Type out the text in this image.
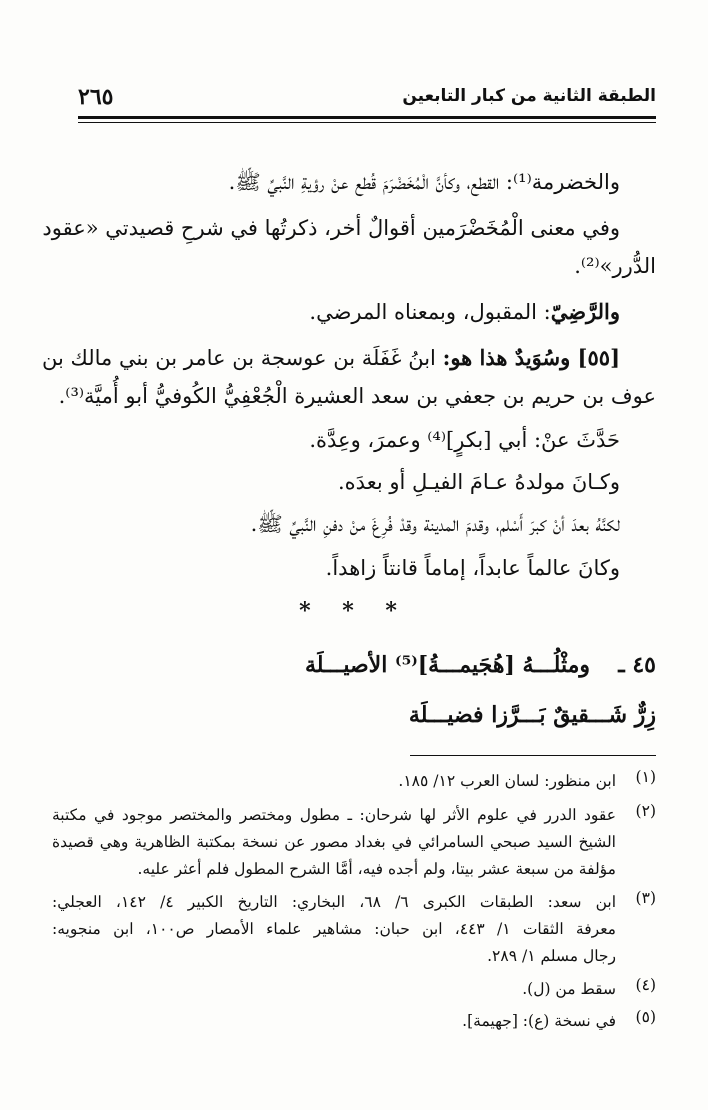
الطبقة الثانية من كبار التابعين
٢٦٥
والخضرمة⁽¹⁾: القطع، وكأنَّ الْمُخَضْرَمَ قُطع عنْ رؤيةِ النَّبيِّ ﷺ.
وفي معنى الْمُخَضْرَمين أقوالٌ أخر، ذكرتُها في شرحِ قصيدتي «عقود
الدُّرر»⁽²⁾.
والرَّضِيّ: المقبول، وبمعناه المرضي.
[٥٥] وسُوَيدٌ هذا هو: ابنُ غَفَلَة بن عوسجة بن عامر بن بني مالك بن
عوف بن حريم بن جعفي بن سعد العشيرة الْجُعْفِيُّ الكُوفيُّ أبو أُميَّة⁽³⁾.
حَدَّثَ عنْ: أبي [بكرٍ]⁽⁴⁾ وعمرَ، وعِدَّة.
وكـانَ مولدهُ عـامَ الفيـلِ أو بعدَه.
لكنَّهُ بعدَ أنْ كبرَ أَسْلم، وقدمَ المدينة وقدْ فُرِغَ منْ دفنِ النَّبيِّ ﷺ.
وكانَ عالماً عابداً، إماماً قانتاً زاهداً.
* * *
٤٥ ـ
ومثْلُـــهُ [هُجَيمـــةُ]⁽⁵⁾ الأصيـــلَة
زِرٌّ شَـــقيقٌ بَـــرَّزا فضيـــلَة
(١)
ابن منظور: لسان العرب ١٢/ ١٨٥.
(٢)
عقود الدرر في علوم الأثر لها شرحان: ـ مطول ومختصر والمختصر موجود في مكتبة
الشيخ السيد صبحي السامرائي في بغداد مصور عن نسخة بمكتبة الظاهرية وهي قصيدة
مؤلفة من سبعة عشر بيتا، ولم أجده فيه، أمَّا الشرح المطول فلم أعثر عليه.
(٣)
ابن سعد: الطبقات الكبرى ٦/ ٦٨، البخاري: التاريخ الكبير ٤/ ١٤٢، العجلي:
معرفة الثقات ١/ ٤٤٣، ابن حبان: مشاهير علماء الأمصار ص١٠٠، ابن منجويه:
رجال مسلم ١/ ٢٨٩.
(٤)
سقط من (ل).
(٥)
في نسخة (ع): [جهيمة].
